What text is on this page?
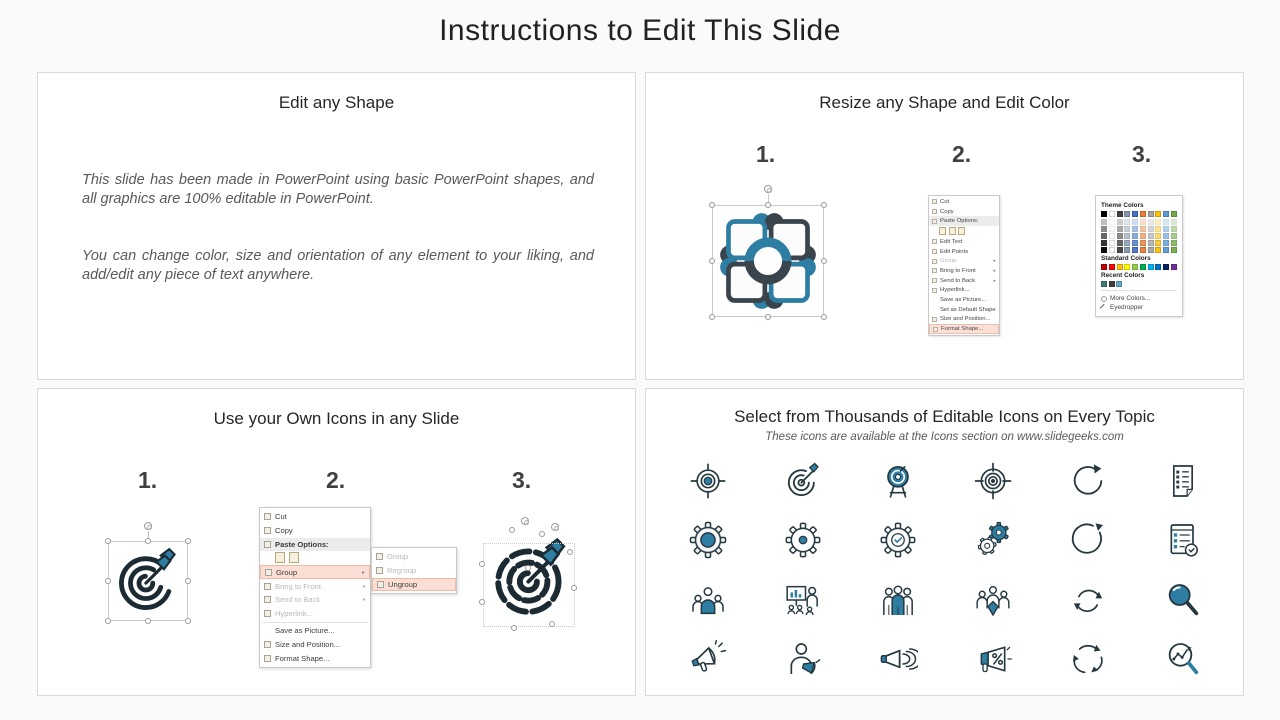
Instructions to Edit This Slide
Edit any Shape
This slide has been made in PowerPoint using basic PowerPoint shapes, and all graphics are 100% editable in PowerPoint.
You can change color, size and orientation of any element to your liking, and add/edit any piece of text anywhere.
Resize any Shape and Edit Color
1.	2.	3.
Cut
Copy
Paste Options:
Edit Text
Edit Points
Group	▸
Bring to Front	▸
Send to Back	▸
Hyperlink...
Save as Picture...
Set as Default Shape
Size and Position...
Format Shape...
Theme Colors
Standard Colors
Recent Colors
More Colors...
Eyedropper
Use your Own Icons in any Slide
1.	2.	3.
Cut
Copy
Paste Options:
Group	▸
Bring to Front	▸
Send to Back	▸
Hyperlink...
Save as Picture...
Size and Position...
Format Shape...
Group
Regroup
Ungroup
Select from Thousands of Editable Icons on Every Topic
These icons are available at the Icons section on www.slidegeeks.com
